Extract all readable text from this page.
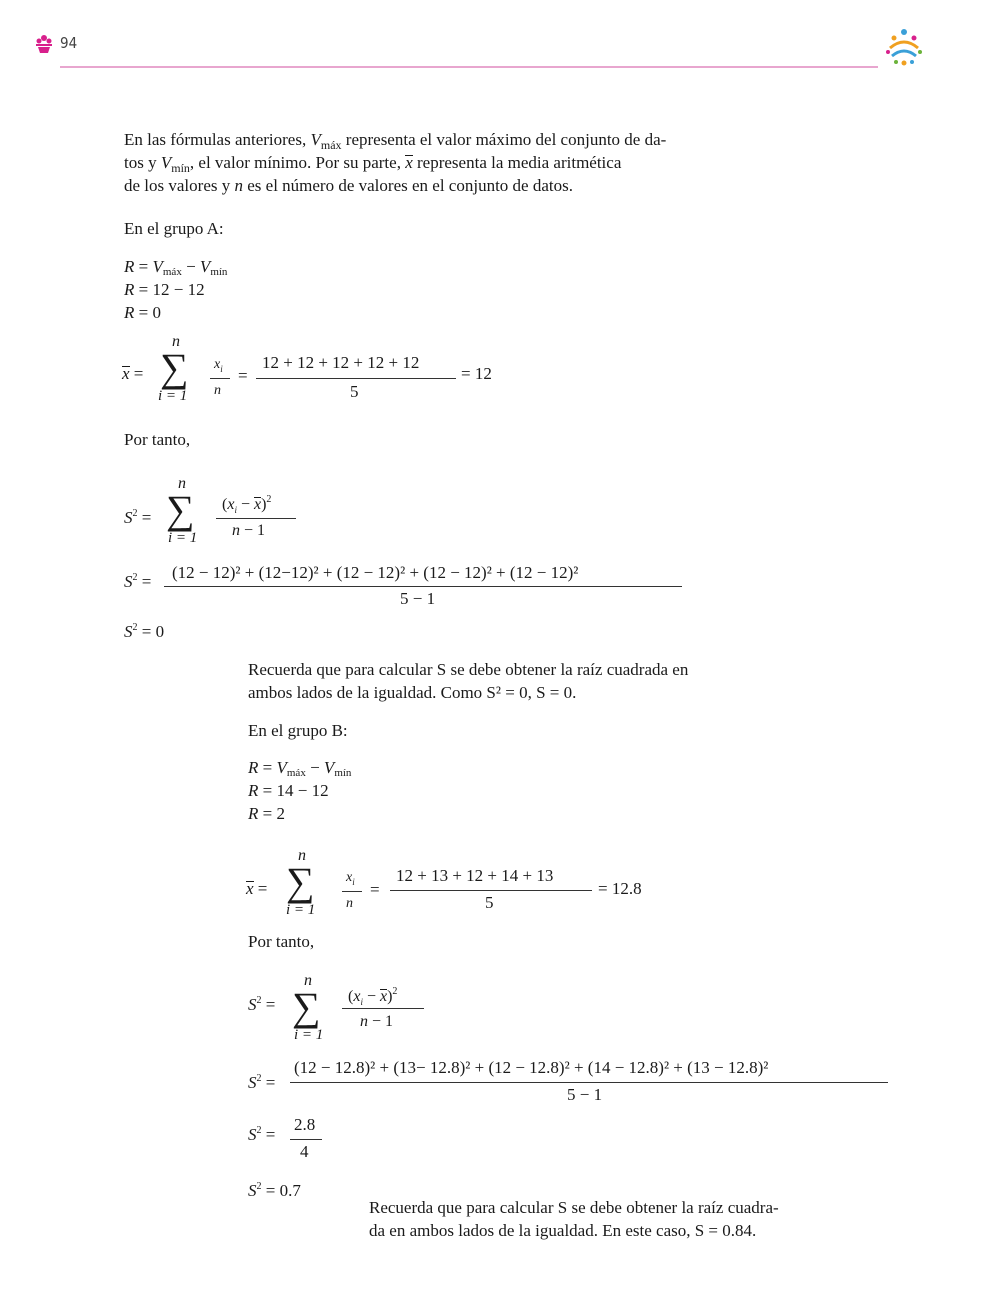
94
En las fórmulas anteriores, $V_{máx}$ representa el valor máximo del conjunto de da-
tos y $V_{mín}$, el valor mínimo. Por su parte, x representa la media aritmética
de los valores y n es el número de valores en el conjunto de datos.
En el grupo A:
$R = V_{máx} - V_{mín}$
R = 12 − 12
R = 0
x =
n
∑
i = 1
$x_i$
n
=
12 + 12 + 12 + 12 + 12
5
= 12
Por tanto,
$S^2$ =
n
∑
i = 1
$(x_i - x)^2$
n − 1
$S^2 = (12 - 12)^2 + (12-12)^2 + (12 - 12)^2 + (12 - 12)^2 + (12 - 12)^2$
5 − 1
$S^2 = 0$
Recuerda que para calcular S se debe obtener la raíz cuadrada en
ambos lados de la igualdad. Como S² = 0, S = 0.
En el grupo B:
$R = V_{máx} - V_{mín}$
R = 14 − 12
R = 2
x =
n
∑
i = 1
$x_i$
n
=
12 + 13 + 12 + 14 + 13
5
= 12.8
Por tanto,
$S^2$ =
n
∑
i = 1
$(x_i - x)^2$
n − 1
$S^2$ =
(12 − 12.8)² + (13− 12.8)² + (12 − 12.8)² + (14 − 12.8)² + (13 − 12.8)²
5 − 1
$S^2$ =
2.8
4
$S^2 = 0.7$
Recuerda que para calcular S se debe obtener la raíz cuadra-
da en ambos lados de la igualdad. En este caso, S = 0.84.
